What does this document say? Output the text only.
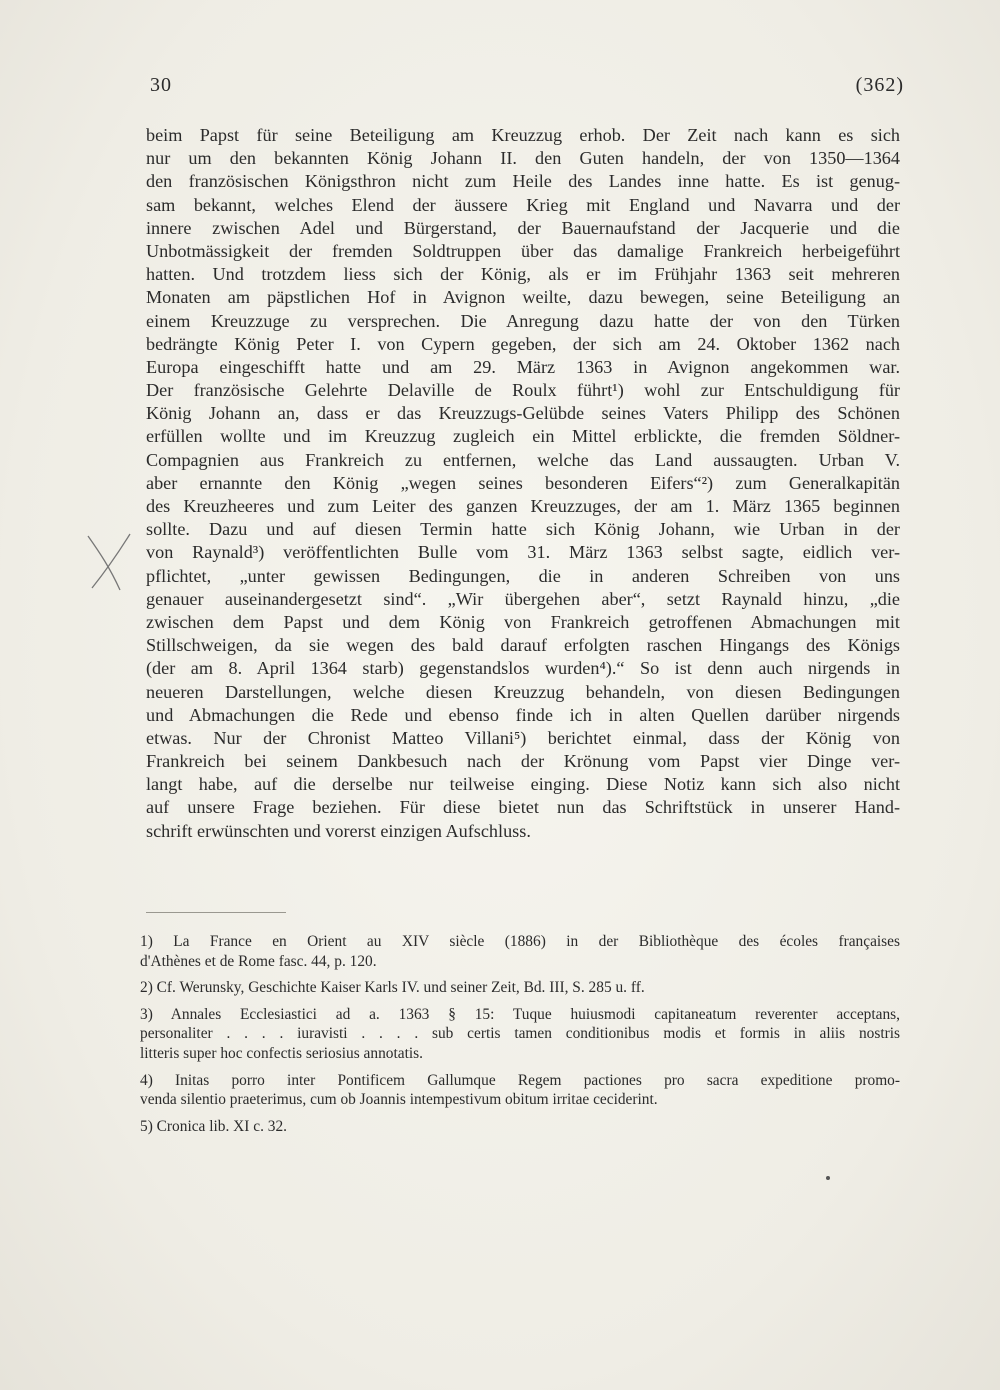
30	(362)
beim Papst für seine Beteiligung am Kreuzzug erhob. Der Zeit nach kann es sich
nur um den bekannten König Johann II. den Guten handeln, der von 1350—1364
den französischen Königsthron nicht zum Heile des Landes inne hatte. Es ist genug-
sam bekannt, welches Elend der äussere Krieg mit England und Navarra und der
innere zwischen Adel und Bürgerstand, der Bauernaufstand der Jacquerie und die
Unbotmässigkeit der fremden Soldtruppen über das damalige Frankreich herbeigeführt
hatten. Und trotzdem liess sich der König, als er im Frühjahr 1363 seit mehreren
Monaten am päpstlichen Hof in Avignon weilte, dazu bewegen, seine Beteiligung an
einem Kreuzzuge zu versprechen. Die Anregung dazu hatte der von den Türken
bedrängte König Peter I. von Cypern gegeben, der sich am 24. Oktober 1362 nach
Europa eingeschifft hatte und am 29. März 1363 in Avignon angekommen war.
Der französische Gelehrte Delaville de Roulx führt¹) wohl zur Entschuldigung für
König Johann an, dass er das Kreuzzugs-Gelübde seines Vaters Philipp des Schönen
erfüllen wollte und im Kreuzzug zugleich ein Mittel erblickte, die fremden Söldner-
Compagnien aus Frankreich zu entfernen, welche das Land aussaugten. Urban V.
aber ernannte den König „wegen seines besonderen Eifers“²) zum Generalkapitän
des Kreuzheeres und zum Leiter des ganzen Kreuzzuges, der am 1. März 1365 beginnen
sollte. Dazu und auf diesen Termin hatte sich König Johann, wie Urban in der
von Raynald³) veröffentlichten Bulle vom 31. März 1363 selbst sagte, eidlich ver-
pflichtet, „unter gewissen Bedingungen, die in anderen Schreiben von uns
genauer auseinandergesetzt sind“. „Wir übergehen aber“, setzt Raynald hinzu, „die
zwischen dem Papst und dem König von Frankreich getroffenen Abmachungen mit
Stillschweigen, da sie wegen des bald darauf erfolgten raschen Hingangs des Königs
(der am 8. April 1364 starb) gegenstandslos wurden⁴).“ So ist denn auch nirgends in
neueren Darstellungen, welche diesen Kreuzzug behandeln, von diesen Bedingungen
und Abmachungen die Rede und ebenso finde ich in alten Quellen darüber nirgends
etwas. Nur der Chronist Matteo Villani⁵) berichtet einmal, dass der König von
Frankreich bei seinem Dankbesuch nach der Krönung vom Papst vier Dinge ver-
langt habe, auf die derselbe nur teilweise einging. Diese Notiz kann sich also nicht
auf unsere Frage beziehen. Für diese bietet nun das Schriftstück in unserer Hand-
schrift erwünschten und vorerst einzigen Aufschluss.
1) La France en Orient au XIV siècle (1886) in der Bibliothèque des écoles françaises
d'Athènes et de Rome fasc. 44, p. 120.
2) Cf. Werunsky, Geschichte Kaiser Karls IV. und seiner Zeit, Bd. III, S. 285 u. ff.
3) Annales Ecclesiastici ad a. 1363 § 15: Tuque huiusmodi capitaneatum reverenter acceptans,
personaliter . . . . iuravisti . . . . sub certis tamen conditionibus modis et formis in aliis nostris
litteris super hoc confectis seriosius annotatis.
4) Initas porro inter Pontificem Gallumque Regem pactiones pro sacra expeditione promo-
venda silentio praeterimus, cum ob Joannis intempestivum obitum irritae ceciderint.
5) Cronica lib. XI c. 32.
